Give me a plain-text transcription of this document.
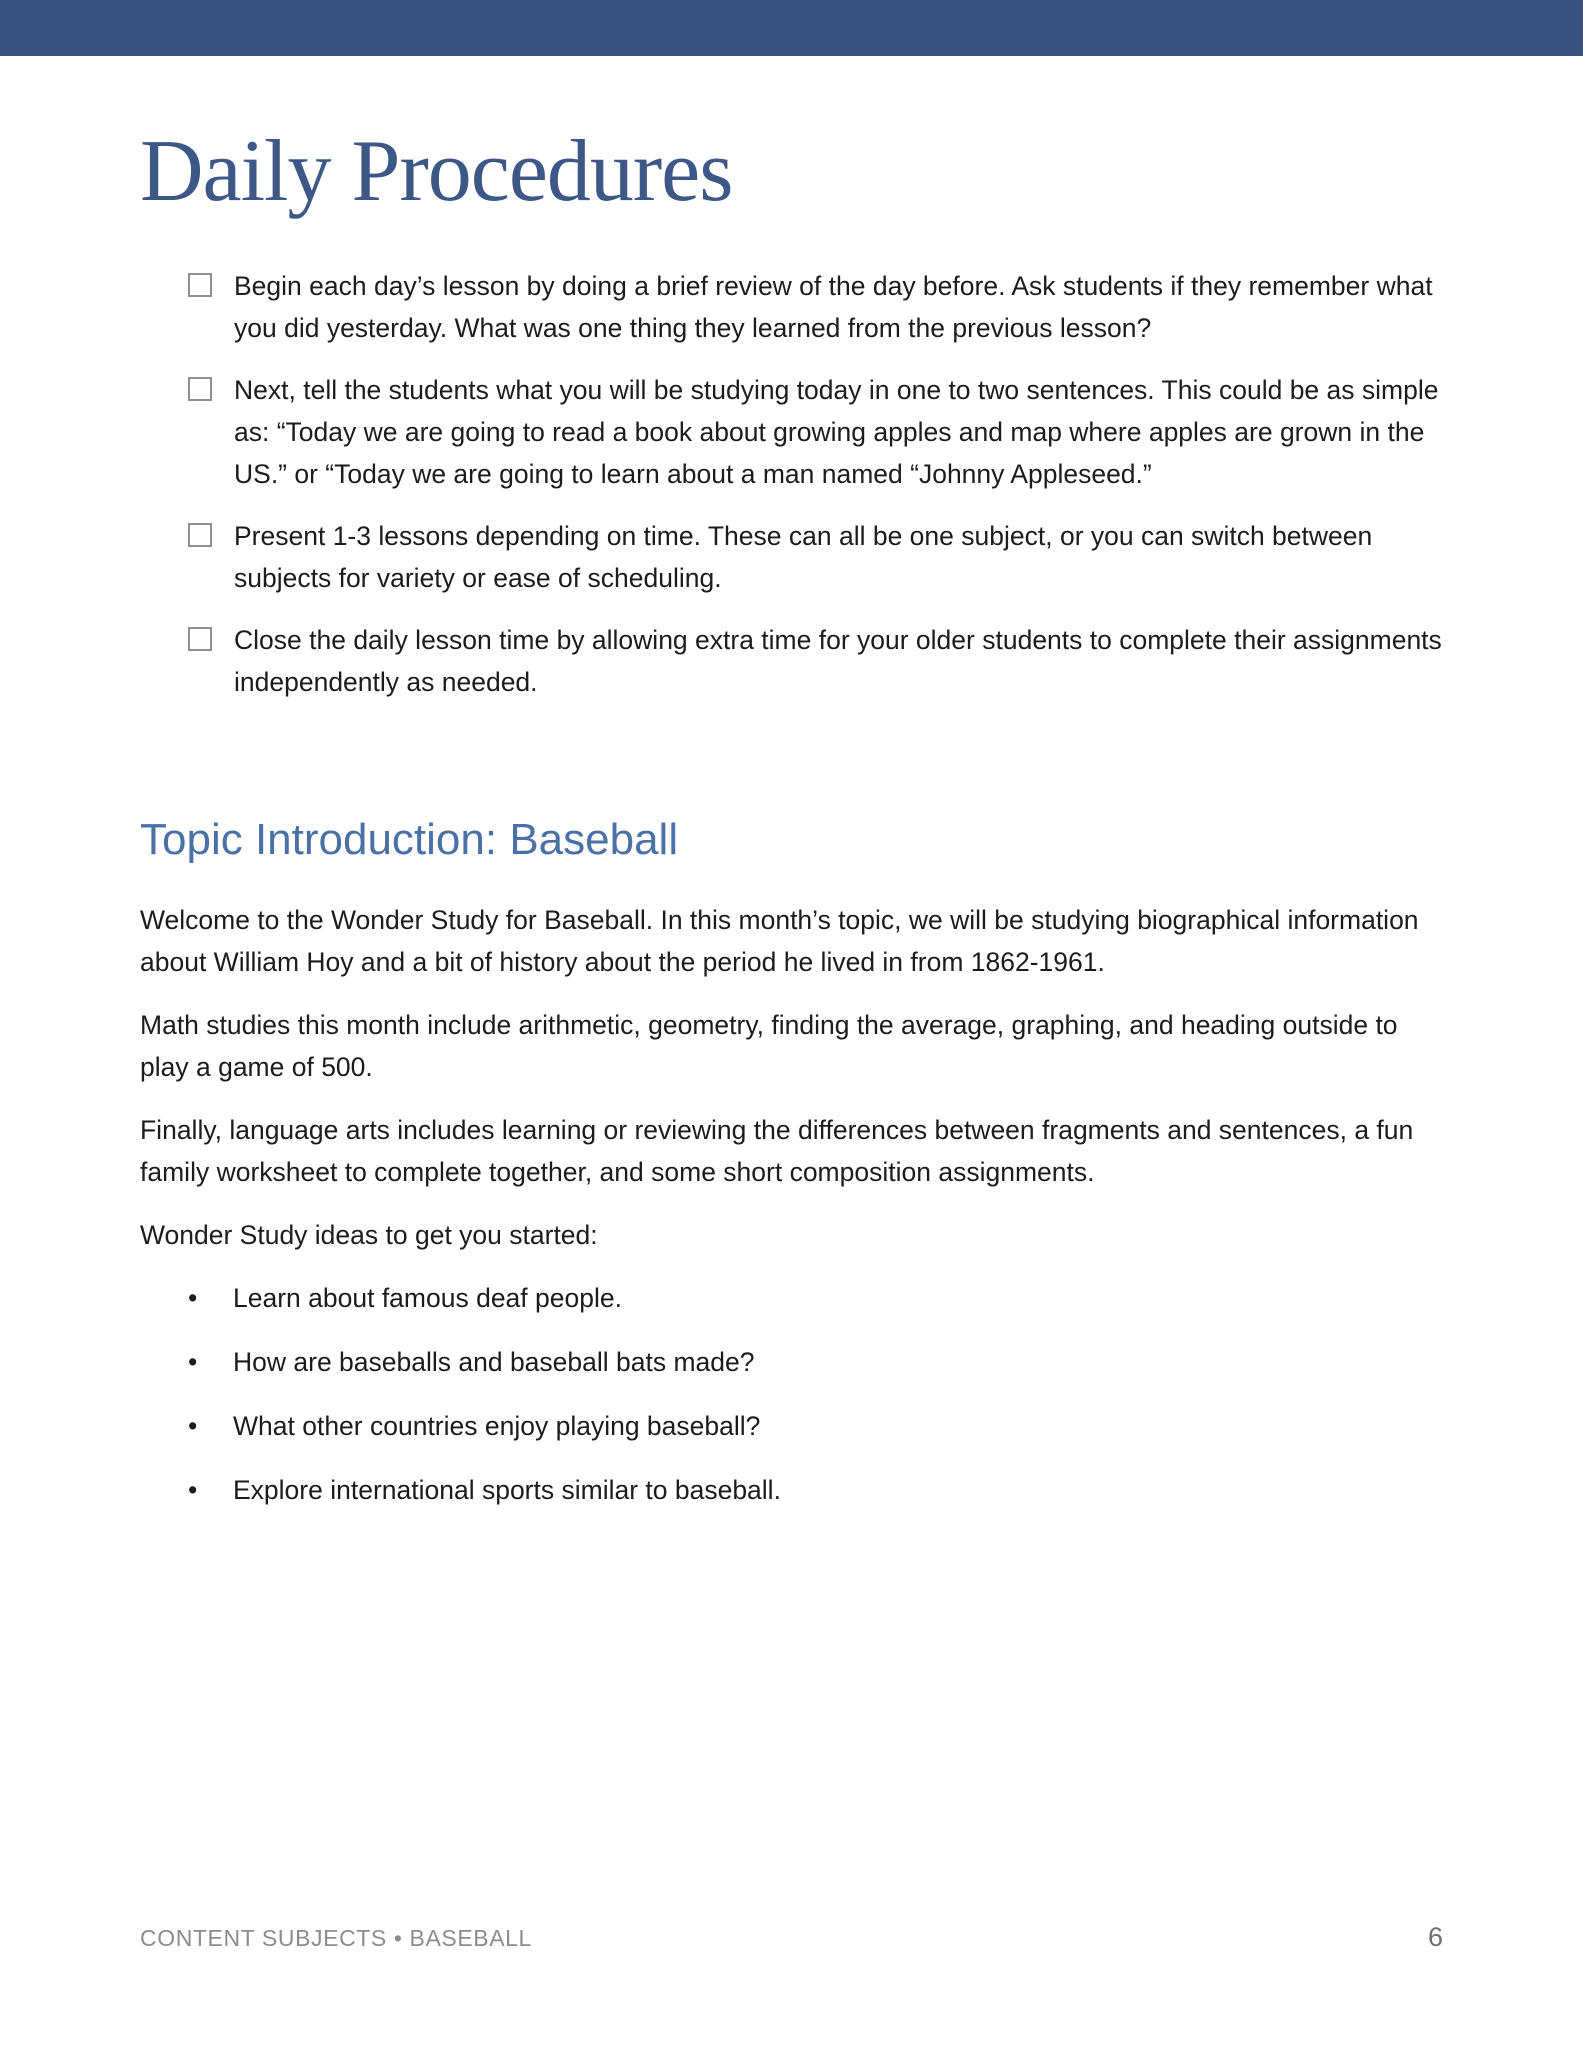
Daily Procedures

Begin each day’s lesson by doing a brief review of the day before. Ask students if they remember what you did yesterday. What was one thing they learned from the previous lesson?

Next, tell the students what you will be studying today in one to two sentences. This could be as simple as: “Today we are going to read a book about growing apples and map where apples are grown in the US.” or “Today we are going to learn about a man named “Johnny Appleseed.”

Present 1-3 lessons depending on time. These can all be one subject, or you can switch between subjects for variety or ease of scheduling.

Close the daily lesson time by allowing extra time for your older students to complete their assignments independently as needed.

Topic Introduction: Baseball

Welcome to the Wonder Study for Baseball. In this month’s topic, we will be studying biographical information about William Hoy and a bit of history about the period he lived in from 1862-1961.

Math studies this month include arithmetic, geometry, finding the average, graphing, and heading outside to play a game of 500.

Finally, language arts includes learning or reviewing the differences between fragments and sentences, a fun family worksheet to complete together, and some short composition assignments.

Wonder Study ideas to get you started:

• Learn about famous deaf people.
• How are baseballs and baseball bats made?
• What other countries enjoy playing baseball?
• Explore international sports similar to baseball.
CONTENT SUBJECTS • BASEBALL	6
